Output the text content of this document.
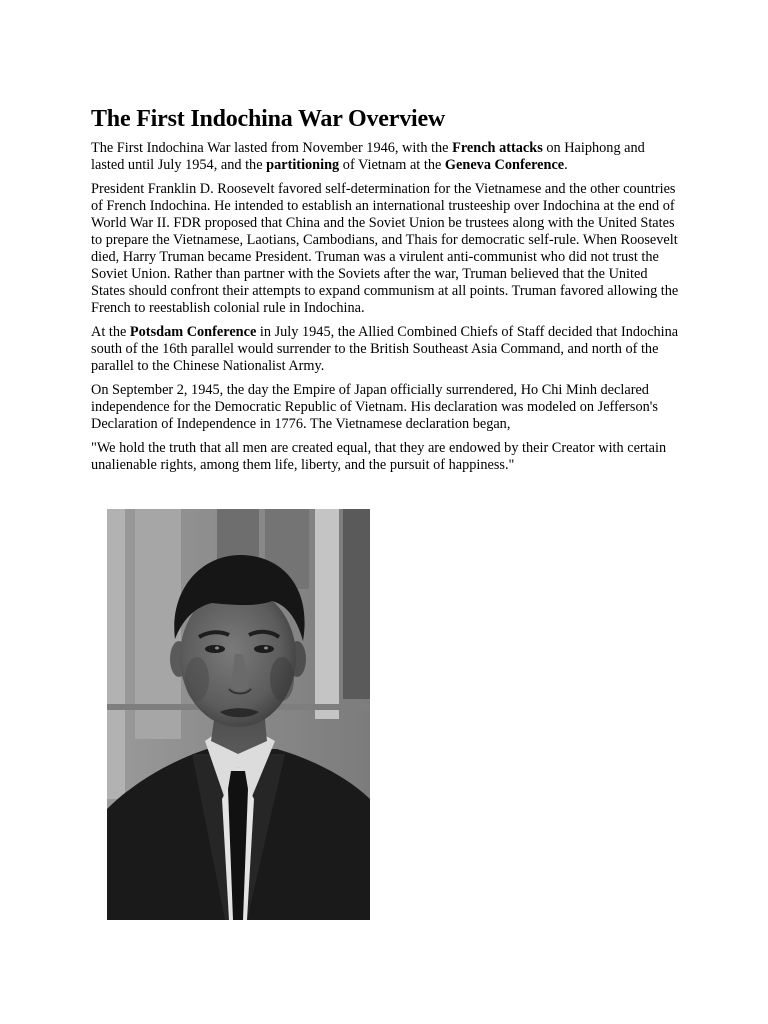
The First Indochina War Overview

The First Indochina War lasted from November 1946, with the French attacks on Haiphong and lasted until July 1954, and the partitioning of Vietnam at the Geneva Conference.

President Franklin D. Roosevelt favored self-determination for the Vietnamese and the other countries of French Indochina. He intended to establish an international trusteeship over Indochina at the end of World War II. FDR proposed that China and the Soviet Union be trustees along with the United States to prepare the Vietnamese, Laotians, Cambodians, and Thais for democratic self-rule. When Roosevelt died, Harry Truman became President. Truman was a virulent anti-communist who did not trust the Soviet Union. Rather than partner with the Soviets after the war, Truman believed that the United States should confront their attempts to expand communism at all points. Truman favored allowing the French to reestablish colonial rule in Indochina.

At the Potsdam Conference in July 1945, the Allied Combined Chiefs of Staff decided that Indochina south of the 16th parallel would surrender to the British Southeast Asia Command, and north of the parallel to the Chinese Nationalist Army.

On September 2, 1945, the day the Empire of Japan officially surrendered, Ho Chi Minh declared independence for the Democratic Republic of Vietnam. His declaration was modeled on Jefferson's Declaration of Independence in 1776. The Vietnamese declaration began,

"We hold the truth that all men are created equal, that they are endowed by their Creator with certain unalienable rights, among them life, liberty, and the pursuit of happiness."
